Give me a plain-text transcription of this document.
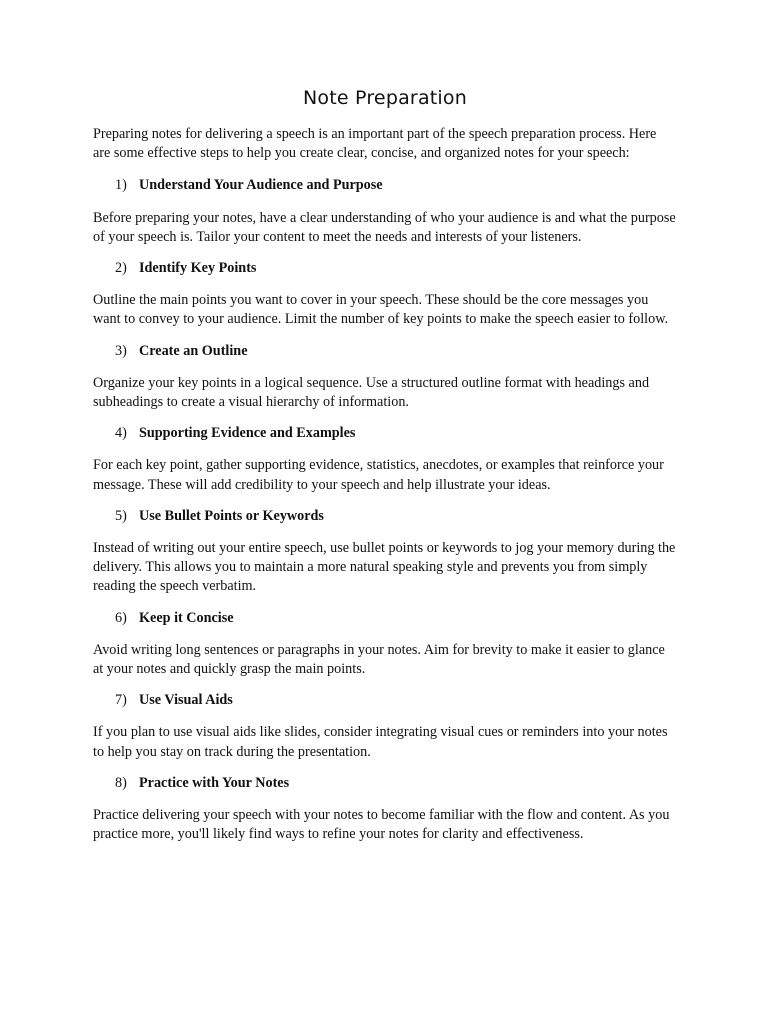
Note Preparation

Preparing notes for delivering a speech is an important part of the speech preparation process. Here are some effective steps to help you create clear, concise, and organized notes for your speech:

1) Understand Your Audience and Purpose

Before preparing your notes, have a clear understanding of who your audience is and what the purpose of your speech is. Tailor your content to meet the needs and interests of your listeners.

2) Identify Key Points

Outline the main points you want to cover in your speech. These should be the core messages you want to convey to your audience. Limit the number of key points to make the speech easier to follow.

3) Create an Outline

Organize your key points in a logical sequence. Use a structured outline format with headings and subheadings to create a visual hierarchy of information.

4) Supporting Evidence and Examples

For each key point, gather supporting evidence, statistics, anecdotes, or examples that reinforce your message. These will add credibility to your speech and help illustrate your ideas.

5) Use Bullet Points or Keywords

Instead of writing out your entire speech, use bullet points or keywords to jog your memory during the delivery. This allows you to maintain a more natural speaking style and prevents you from simply reading the speech verbatim.

6) Keep it Concise

Avoid writing long sentences or paragraphs in your notes. Aim for brevity to make it easier to glance at your notes and quickly grasp the main points.

7) Use Visual Aids

If you plan to use visual aids like slides, consider integrating visual cues or reminders into your notes to help you stay on track during the presentation.

8) Practice with Your Notes

Practice delivering your speech with your notes to become familiar with the flow and content. As you practice more, you'll likely find ways to refine your notes for clarity and effectiveness.
